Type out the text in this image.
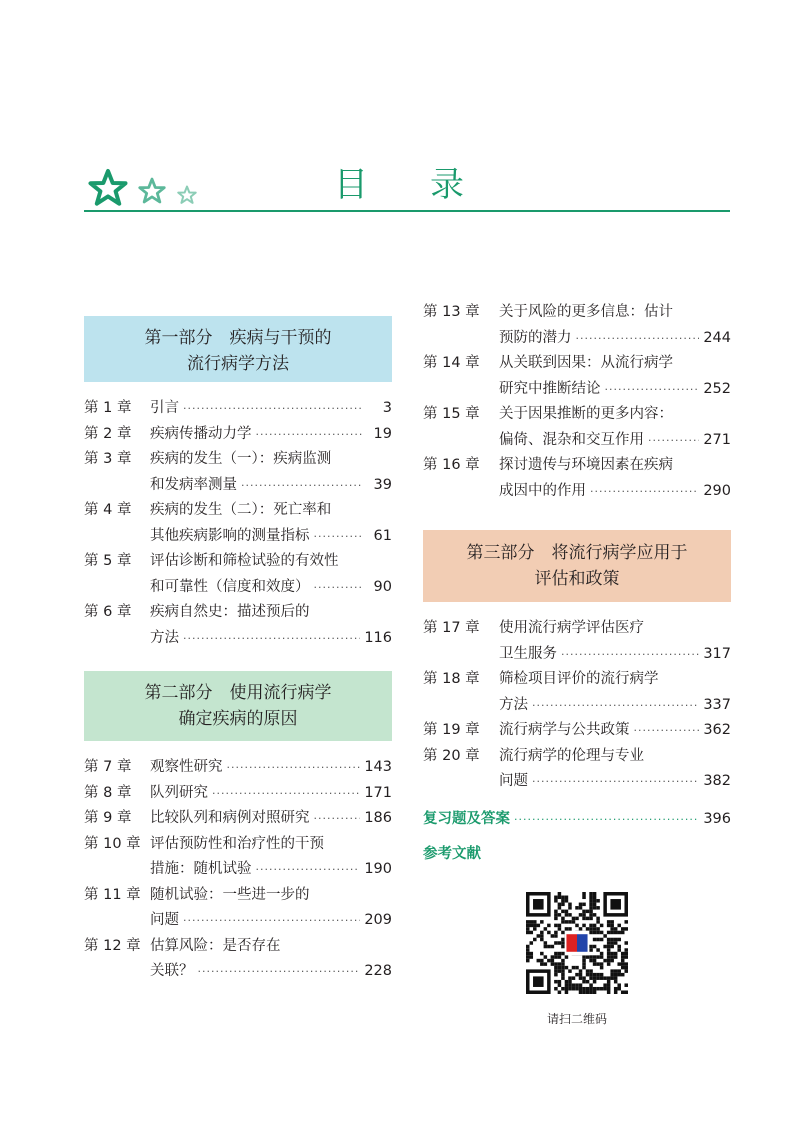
目录
第一部分　疾病与干预的
流行病学方法
第 1 章 引言 ·····	3
第 2 章 疾病传播动力学 ·····	19
第 3 章 疾病的发生（一）：疾病监测
和发病率测量 ·····	39
第 4 章 疾病的发生（二）：死亡率和
其他疾病影响的测量指标 ·····	61
第 5 章 评估诊断和筛检试验的有效性
和可靠性（信度和效度） ·····	90
第 6 章 疾病自然史：描述预后的
方法 ·····	116
第二部分　使用流行病学
确定疾病的原因
第 7 章 观察性研究 ·····	143
第 8 章 队列研究 ·····	171
第 9 章 比较队列和病例对照研究 ·····	186
第 10 章 评估预防性和治疗性的干预
措施：随机试验 ·····	190
第 11 章 随机试验：一些进一步的
问题 ·····	209
第 12 章 估算风险：是否存在
关联？ ·····	228
第 13 章 关于风险的更多信息：估计
预防的潜力 ·····	244
第 14 章 从关联到因果：从流行病学
研究中推断结论 ·····	252
第 15 章 关于因果推断的更多内容：
偏倚、混杂和交互作用 ·····	271
第 16 章 探讨遗传与环境因素在疾病
成因中的作用 ·····	290
第三部分　将流行病学应用于
评估和政策
第 17 章 使用流行病学评估医疗
卫生服务 ·····	317
第 18 章 筛检项目评价的流行病学
方法 ·····	337
第 19 章 流行病学与公共政策 ·····	362
第 20 章 流行病学的伦理与专业
问题 ·····	382
复习题及答案 ·····	396
参考文献
请扫二维码
